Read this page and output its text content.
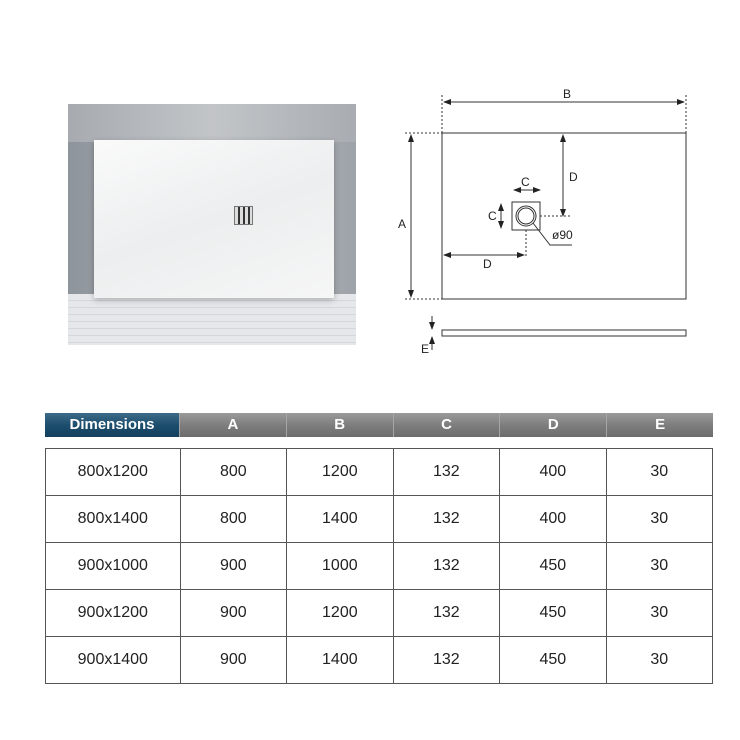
B
A
D
C
C
D
ø90
E
Dimensions	A	B	C	D	E
800x1200	800	1200	132	400	30
800x1400	800	1400	132	400	30
900x1000	900	1000	132	450	30
900x1200	900	1200	132	450	30
900x1400	900	1400	132	450	30
